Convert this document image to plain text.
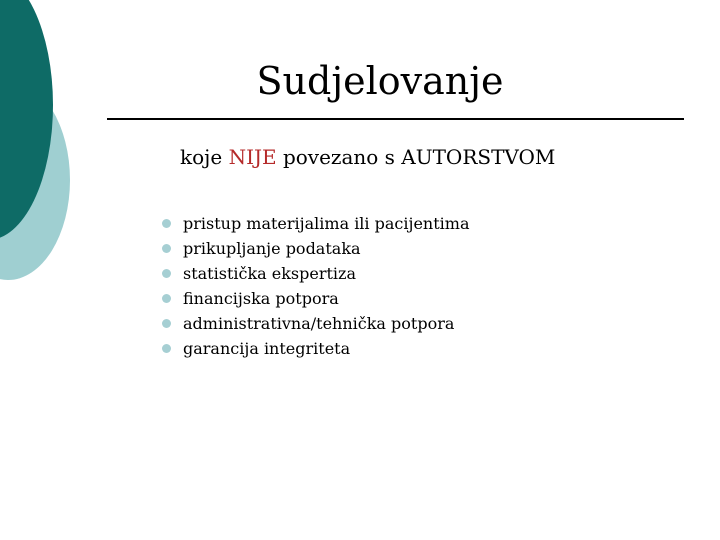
Sudjelovanje
koje NIJE povezano s AUTORSTVOM
pristup materijalima ili pacijentima
prikupljanje podataka
statistička ekspertiza
financijska potpora
administrativna/tehnička potpora
garancija integriteta
